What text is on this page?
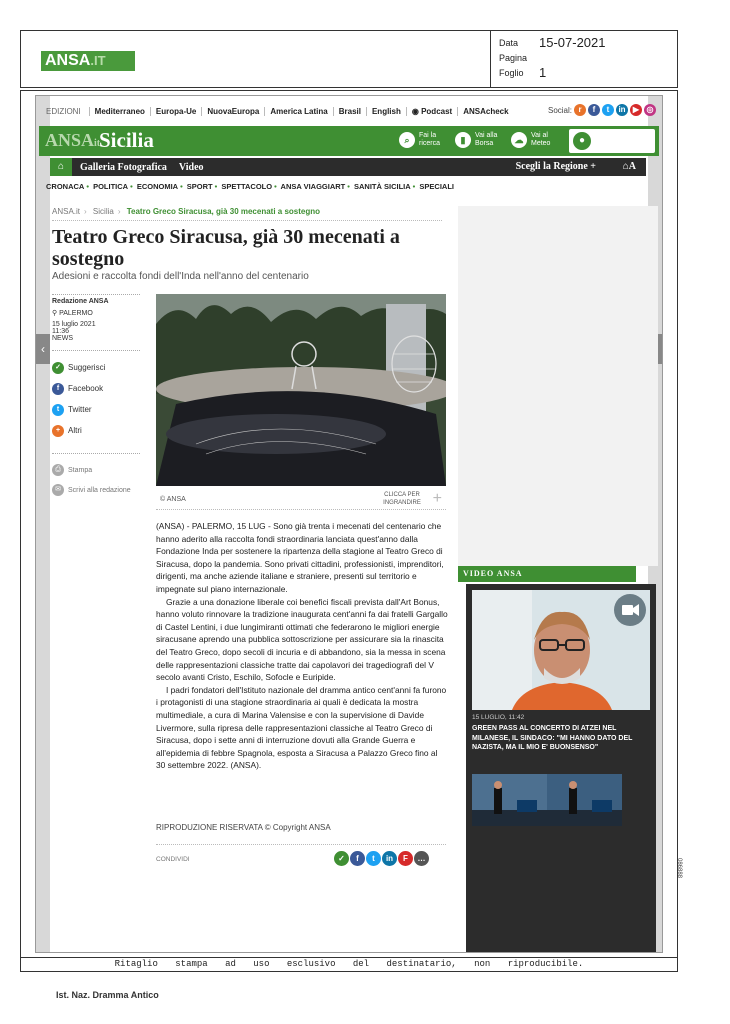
ANSA.IT
Data	15-07-2021
Pagina
Foglio	1
EDIZIONI	Mediterraneo	Europa-Ue	NuovaEuropa	America Latina	Brasil	English	◉ Podcast	ANSAcheck	Social: r	f	t	in ▶ ◎
ANSAit
Sicilia	⌕	Fai la ricerca	▮	Vai alla Borsa	☁	Vai al Meteo	●
⌂	Galleria Fotografica Video	Scegli la Regione +	⌂A
CRONACA • POLITICA • ECONOMIA • SPORT • SPETTACOLO • ANSA VIAGGIART • SANITÀ SICILIA • SPECIALI
ANSA.it › Sicilia › Teatro Greco Siracusa, già 30 mecenati a sostegno
Teatro Greco Siracusa, già 30 mecenati a sostegno
Adesioni e raccolta fondi dell'Inda nell'anno del centenario
Redazione ANSA
⚲ PALERMO
15 luglio 2021
11:36
NEWS
✓ Suggerisci
f	Facebook
t	Twitter
+ Altri
⎙	Stampa
✉	Scrivi alla redazione
© ANSA
CLICCA PER INGRANDIRE +

(ANSA) - PALERMO, 15 LUG - Sono già trenta i mecenati del centenario che hanno aderito alla raccolta fondi straordinaria lanciata quest'anno dalla Fondazione Inda per sostenere la ripartenza della stagione al Teatro Greco di Siracusa, dopo la pandemia. Sono privati cittadini, professionisti, imprenditori, dirigenti, ma anche aziende italiane e straniere, presenti sul territorio e impegnate sul piano internazionale.

Grazie a una donazione liberale coi benefici fiscali prevista dall'Art Bonus, hanno voluto rinnovare la tradizione inaugurata cent'anni fa dai fratelli Gargallo di Castel Lentini, i due lungimiranti ottimati che federarono le migliori energie siracusane aprendo una pubblica sottoscrizione per assicurare sia la rinascita del Teatro Greco, dopo secoli di incuria e di abbandono, sia la messa in scena delle rappresentazioni classiche tratte dai capolavori dei tragediografi del V secolo avanti Cristo, Eschilo, Sofocle e Euripide.

I padri fondatori dell'Istituto nazionale del dramma antico cent'anni fa furono i protagonisti di una stagione straordinaria ai quali è dedicata la mostra multimediale, a cura di Marina Valensise e con la supervisione di Davide Livermore, sulla ripresa delle rappresentazioni classiche al Teatro Greco di Siracusa, dopo i sette anni di interruzione dovuti alla Grande Guerra e all'epidemia di febbre Spagnola, esposta a Siracusa a Palazzo Greco fino al 30 settembre 2022. (ANSA).

RIPRODUZIONE RISERVATA © Copyright ANSA
CONDIVIDI	✓	f	t	in	F	…
‹
VIDEO ANSA
15 LUGLIO, 11:42
GREEN PASS AL CONCERTO DI ATZEI NEL MILANESE, IL SINDACO: "MI HANNO DATO DEL NAZISTA, MA IL MIO E' BUONSENSO"
Ritaglio stampa ad uso esclusivo del destinatario, non riproducibile.
086888
Ist. Naz. Dramma Antico
